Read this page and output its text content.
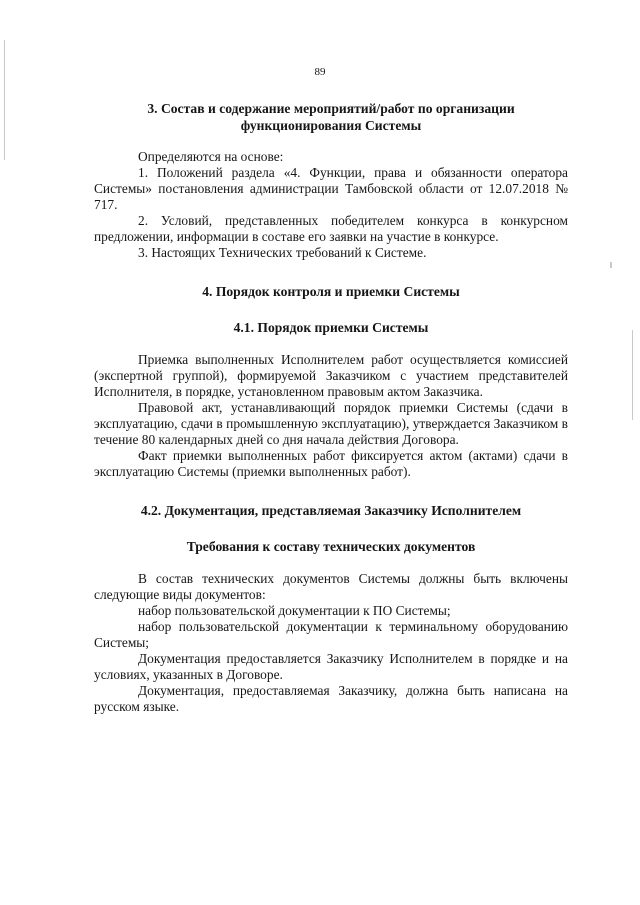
89

3. Состав и содержание мероприятий/работ по организации

функционирования Системы

Определяются на основе:

1. Положений раздела «4. Функции, права и обязанности оператора Системы» постановления администрации Тамбовской области от 12.07.2018 № 717.

2. Условий, представленных победителем конкурса в конкурсном предложении, информации в составе его заявки на участие в конкурсе.

3. Настоящих Технических требований к Системе.

4. Порядок контроля и приемки Системы

4.1. Порядок приемки Системы

Приемка выполненных Исполнителем работ осуществляется комиссией (экспертной группой), формируемой Заказчиком с участием представителей Исполнителя, в порядке, установленном правовым актом Заказчика.

Правовой акт, устанавливающий порядок приемки Системы (сдачи в эксплуатацию, сдачи в промышленную эксплуатацию), утверждается Заказчиком в течение 80 календарных дней со дня начала действия Договора.

Факт приемки выполненных работ фиксируется актом (актами) сдачи в эксплуатацию Системы (приемки выполненных работ).

4.2. Документация, представляемая Заказчику Исполнителем

Требования к составу технических документов

В состав технических документов Системы должны быть включены следующие виды документов:

набор пользовательской документации к ПО Системы;

набор пользовательской документации к терминальному оборудованию Системы;

Документация предоставляется Заказчику Исполнителем в порядке и на условиях, указанных в Договоре.

Документация, предоставляемая Заказчику, должна быть написана на русском языке.
